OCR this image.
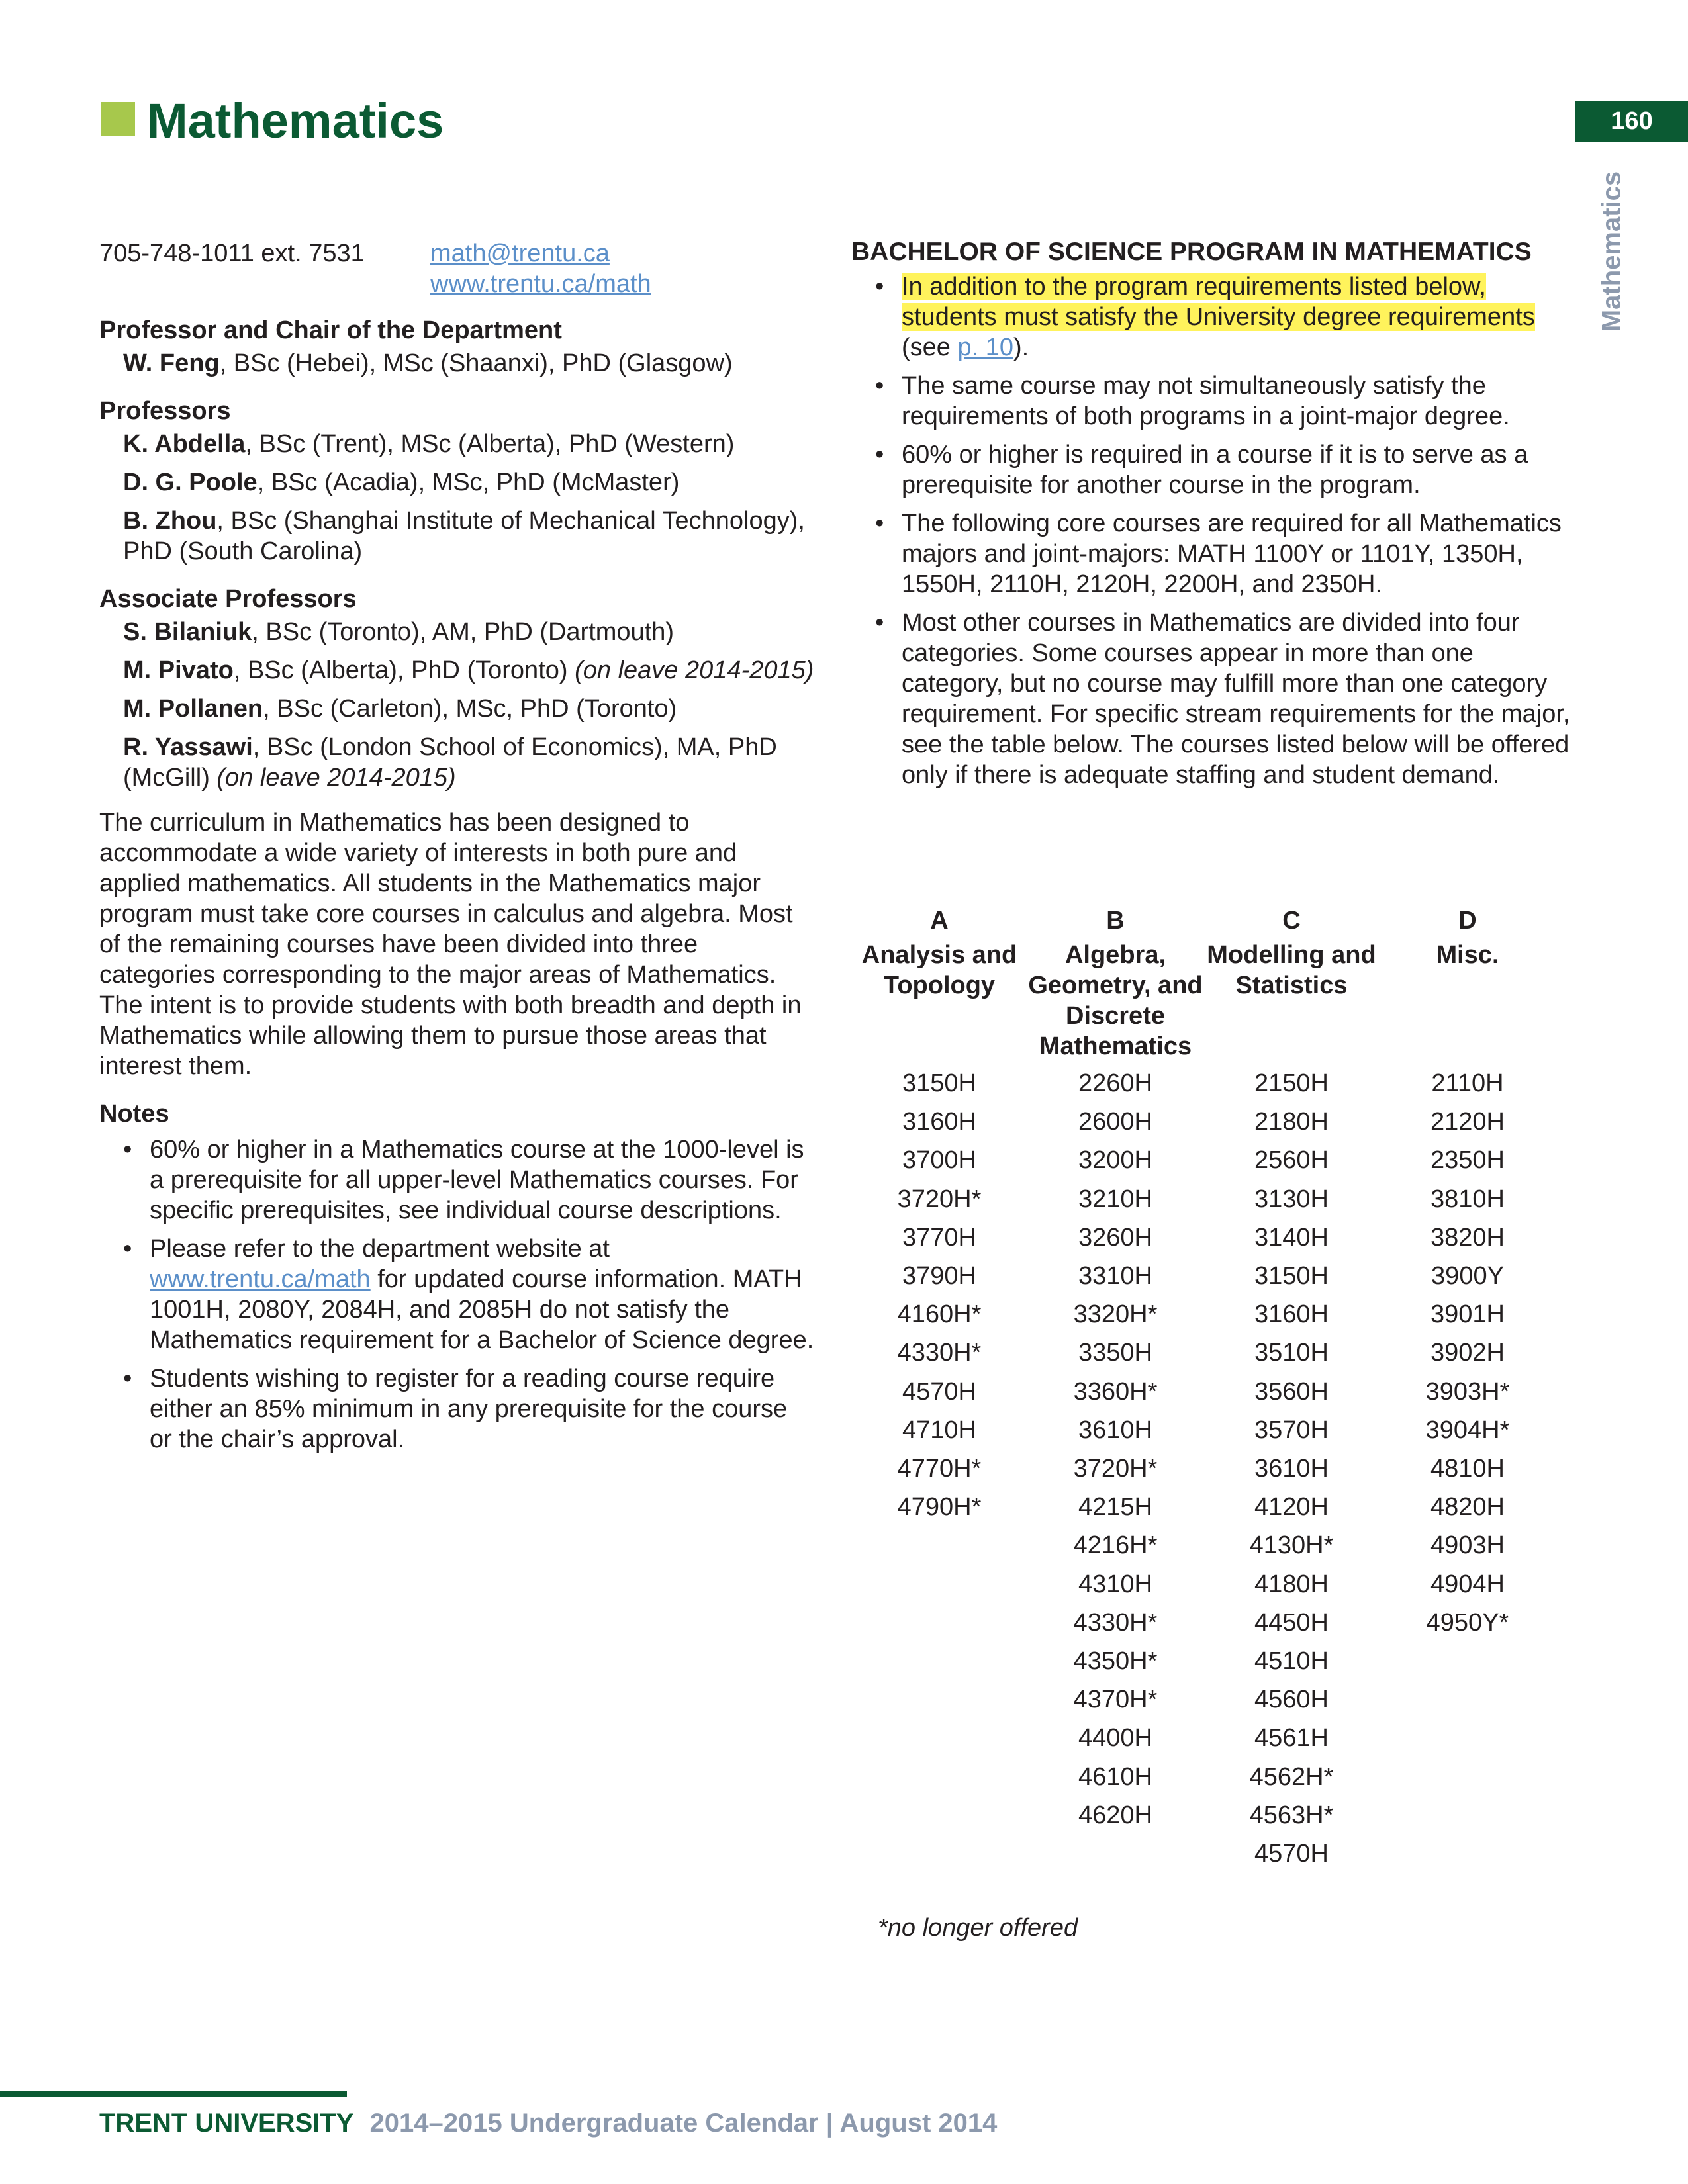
Mathematics	160
Mathematics
705-748-1011 ext. 7531	math@trentu.ca
www.trentu.ca/math
Professor and Chair of the Department
W. Feng, BSc (Hebei), MSc (Shaanxi), PhD (Glasgow)
Professors
K. Abdella, BSc (Trent), MSc (Alberta), PhD (Western)
D. G. Poole, BSc (Acadia), MSc, PhD (McMaster)
B. Zhou, BSc (Shanghai Institute of Mechanical Technology), PhD (South Carolina)
Associate Professors
S. Bilaniuk, BSc (Toronto), AM, PhD (Dartmouth)
M. Pivato, BSc (Alberta), PhD (Toronto) (on leave 2014-2015)
M. Pollanen, BSc (Carleton), MSc, PhD (Toronto)
R. Yassawi, BSc (London School of Economics), MA, PhD (McGill) (on leave 2014-2015)
The curriculum in Mathematics has been designed to accommodate a wide variety of interests in both pure and applied mathematics. All students in the Mathematics major program must take core courses in calculus and algebra. Most of the remaining courses have been divided into three categories corresponding to the major areas of Mathematics. The intent is to provide students with both breadth and depth in Mathematics while allowing them to pursue those areas that interest them.
Notes
• 60% or higher in a Mathematics course at the 1000-level is a prerequisite for all upper-level Mathematics courses. For specific prerequisites, see individual course descriptions.
• Please refer to the department website at www.trentu.ca/math for updated course information. MATH 1001H, 2080Y, 2084H, and 2085H do not satisfy the Mathematics requirement for a Bachelor of Science degree.
• Students wishing to register for a reading course require either an 85% minimum in any prerequisite for the course or the chair’s approval.
BACHELOR OF SCIENCE PROGRAM IN MATHEMATICS
• In addition to the program requirements listed below, students must satisfy the University degree requirements (see p. 10).
• The same course may not simultaneously satisfy the requirements of both programs in a joint-major degree.
• 60% or higher is required in a course if it is to serve as a prerequisite for another course in the program.
• The following core courses are required for all Mathematics majors and joint-majors: MATH 1100Y or 1101Y, 1350H, 1550H, 2110H, 2120H, 2200H, and 2350H.
• Most other courses in Mathematics are divided into four categories. Some courses appear in more than one category, but no course may fulfill more than one category requirement. For specific stream requirements for the major, see the table below. The courses listed below will be offered only if there is adequate staffing and student demand.
A
Analysis and Topology
3150H
3160H
3700H
3720H*
3770H
3790H
4160H*
4330H*
4570H
4710H
4770H*
4790H*
B
Algebra, Geometry, and Discrete Mathematics
2260H
2600H
3200H
3210H
3260H
3310H
3320H*
3350H
3360H*
3610H
3720H*
4215H
4216H*
4310H
4330H*
4350H*
4370H*
4400H
4610H
4620H
C
Modelling and Statistics
2150H
2180H
2560H
3130H
3140H
3150H
3160H
3510H
3560H
3570H
3610H
4120H
4130H*
4180H
4450H
4510H
4560H
4561H
4562H*
4563H*
4570H
D
Misc.
2110H
2120H
2350H
3810H
3820H
3900Y
3901H
3902H
3903H*
3904H*
4810H
4820H
4903H
4904H
4950Y*
*no longer offered
TRENT UNIVERSITY 2014–2015 Undergraduate Calendar | August 2014
